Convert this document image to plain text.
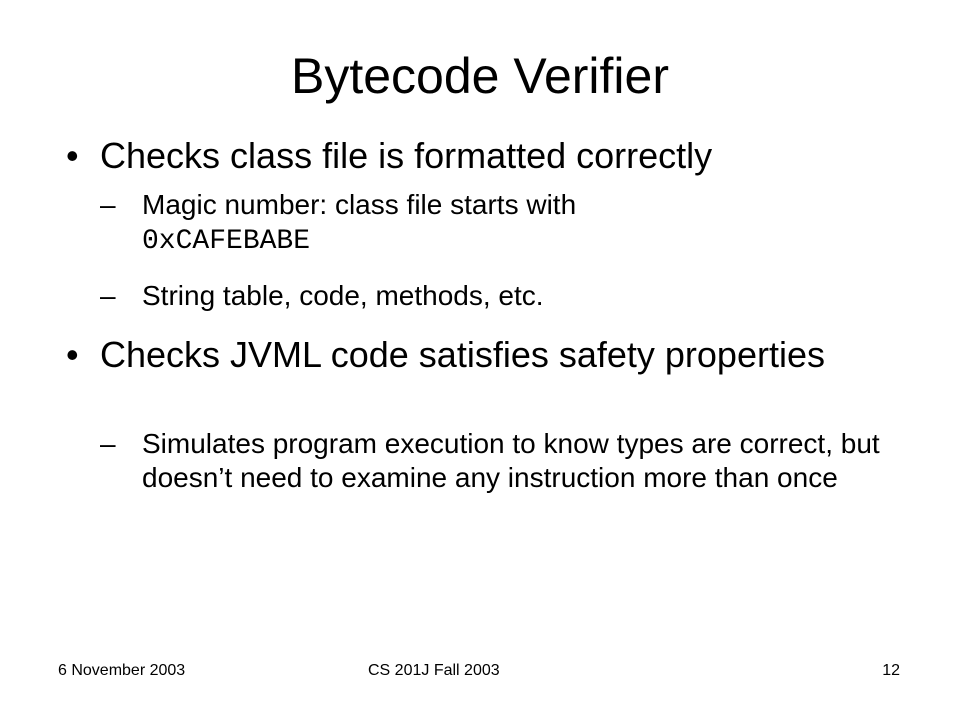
Bytecode Verifier
• Checks class file is formatted correctly
– Magic number: class file starts with
0xCAFEBABE
– String table, code, methods, etc.
• Checks JVML code satisfies safety properties
– Simulates program execution to know types are correct, but doesn’t need to examine any instruction more than once
6 November 2003	CS 201J Fall 2003	12
